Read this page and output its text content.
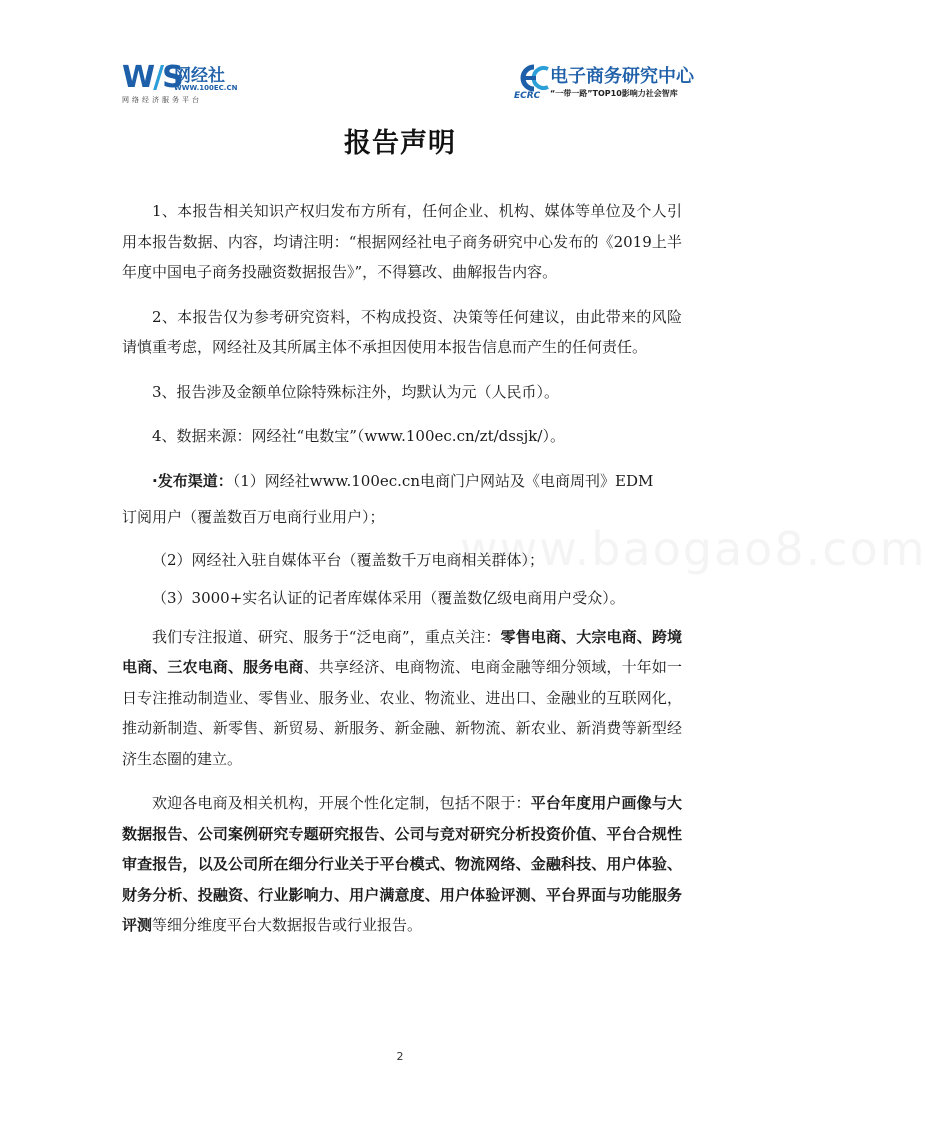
W/S
网经社
WWW.100EC.CN
网络经济服务平台
电子商务研究中心
ECRC “一带一路”TOP10影响力社会智库
报告声明
www.baogao8.com

1、本报告相关知识产权归发布方所有，任何企业、机构、媒体等单位及个人引用本报告数据、内容，均请注明：“根据网经社电子商务研究中心发布的《2019上半年度中国电子商务投融资数据报告》”，不得篡改、曲解报告内容。

2、本报告仅为参考研究资料，不构成投资、决策等任何建议，由此带来的风险请慎重考虑，网经社及其所属主体不承担因使用本报告信息而产生的任何责任。

3、报告涉及金额单位除特殊标注外，均默认为元（人民币）。

4、数据来源：网经社“电数宝”（www.100ec.cn/zt/dssjk/）。

·发布渠道：（1）网经社www.100ec.cn电商门户网站及《电商周刊》EDM

订阅用户（覆盖数百万电商行业用户）；

（2）网经社入驻自媒体平台（覆盖数千万电商相关群体）；

（3）3000+实名认证的记者库媒体采用（覆盖数亿级电商用户受众）。

我们专注报道、研究、服务于“泛电商”，重点关注：零售电商、大宗电商、跨境电商、三农电商、服务电商、共享经济、电商物流、电商金融等细分领域，十年如一日专注推动制造业、零售业、服务业、农业、物流业、进出口、金融业的互联网化，推动新制造、新零售、新贸易、新服务、新金融、新物流、新农业、新消费等新型经济生态圈的建立。

欢迎各电商及相关机构，开展个性化定制，包括不限于：平台年度用户画像与大数据报告、公司案例研究专题研究报告、公司与竞对研究分析投资价值、平台合规性审查报告，以及公司所在细分行业关于平台模式、物流网络、金融科技、用户体验、财务分析、投融资、行业影响力、用户满意度、用户体验评测、平台界面与功能服务评测等细分维度平台大数据报告或行业报告。

2
